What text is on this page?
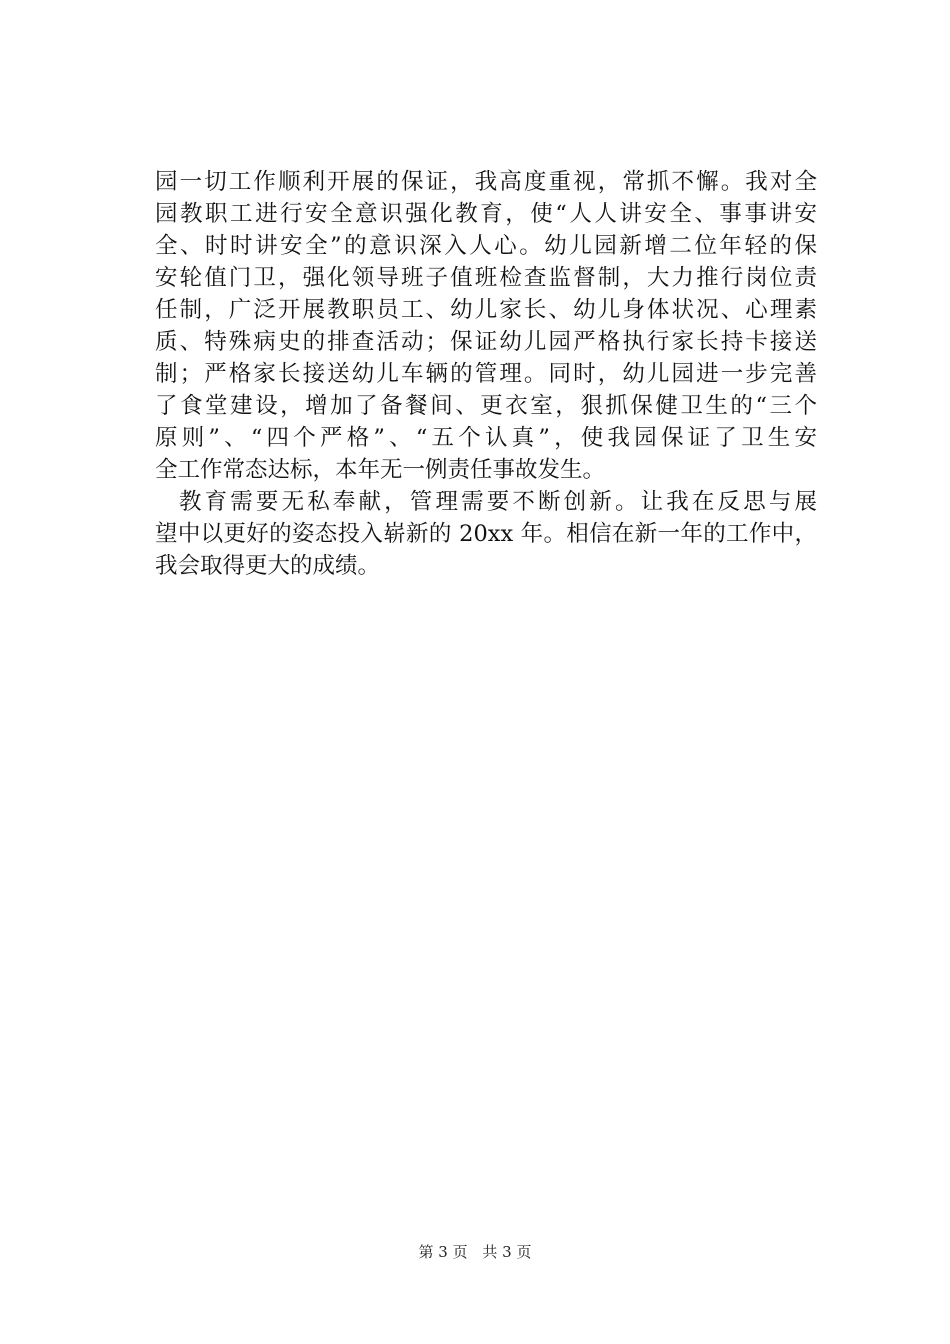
园一切工作顺利开展的保证，我高度重视，常抓不懈。我对全
园教职工进行安全意识强化教育，使“人人讲安全、事事讲安
全、时时讲安全”的意识深入人心。幼儿园新增二位年轻的保
安轮值门卫，强化领导班子值班检查监督制，大力推行岗位责
任制，广泛开展教职员工、幼儿家长、幼儿身体状况、心理素
质、特殊病史的排查活动；保证幼儿园严格执行家长持卡接送
制；严格家长接送幼儿车辆的管理。同时，幼儿园进一步完善
了食堂建设，增加了备餐间、更衣室，狠抓保健卫生的“三个
原则”、“四个严格”、“五个认真”，使我园保证了卫生安
全工作常态达标，本年无一例责任事故发生。
教育需要无私奉献，管理需要不断创新。让我在反思与展
望中以更好的姿态投入崭新的 20xx 年。相信在新一年的工作中，
我会取得更大的成绩。
第 3 页 共 3 页
